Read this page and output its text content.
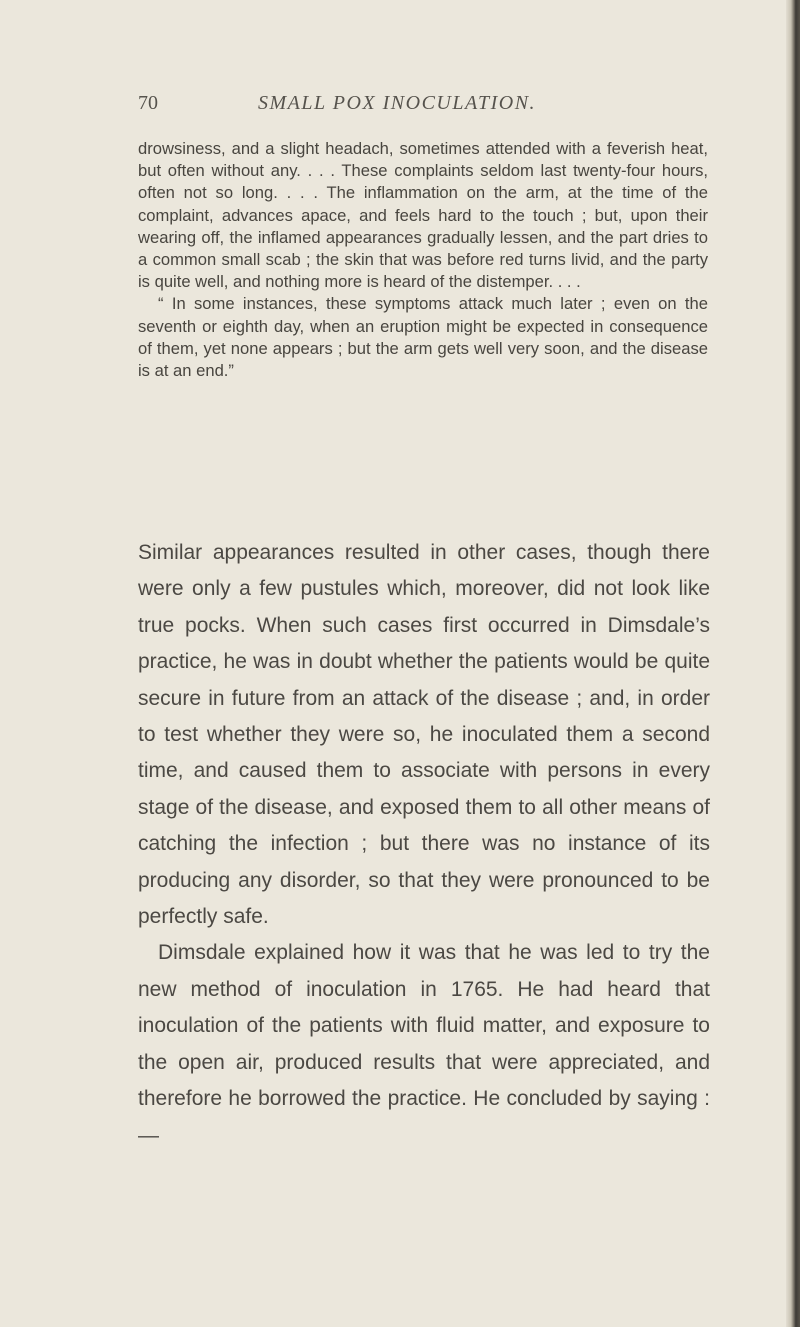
70	SMALL POX INOCULATION.

drowsiness, and a slight headach, sometimes attended with a feverish heat, but often without any. . . . These complaints seldom last twenty-four hours, often not so long. . . . The inflammation on the arm, at the time of the complaint, advances apace, and feels hard to the touch ; but, upon their wearing off, the inflamed appearances gradually lessen, and the part dries to a common small scab ; the skin that was before red turns livid, and the party is quite well, and nothing more is heard of the distemper. . . .

“ In some instances, these symptoms attack much later ; even on the seventh or eighth day, when an eruption might be expected in consequence of them, yet none appears ; but the arm gets well very soon, and the disease is at an end.”

Similar appearances resulted in other cases, though there were only a few pustules which, moreover, did not look like true pocks. When such cases first occurred in Dimsdale’s practice, he was in doubt whether the patients would be quite secure in future from an attack of the disease ; and, in order to test whether they were so, he inoculated them a second time, and caused them to associate with persons in every stage of the disease, and exposed them to all other means of catching the infection ; but there was no instance of its producing any disorder, so that they were pronounced to be perfectly safe.

Dimsdale explained how it was that he was led to try the new method of inoculation in 1765. He had heard that inoculation of the patients with fluid matter, and exposure to the open air, produced results that were appreciated, and therefore he borrowed the practice. He concluded by saying :—
